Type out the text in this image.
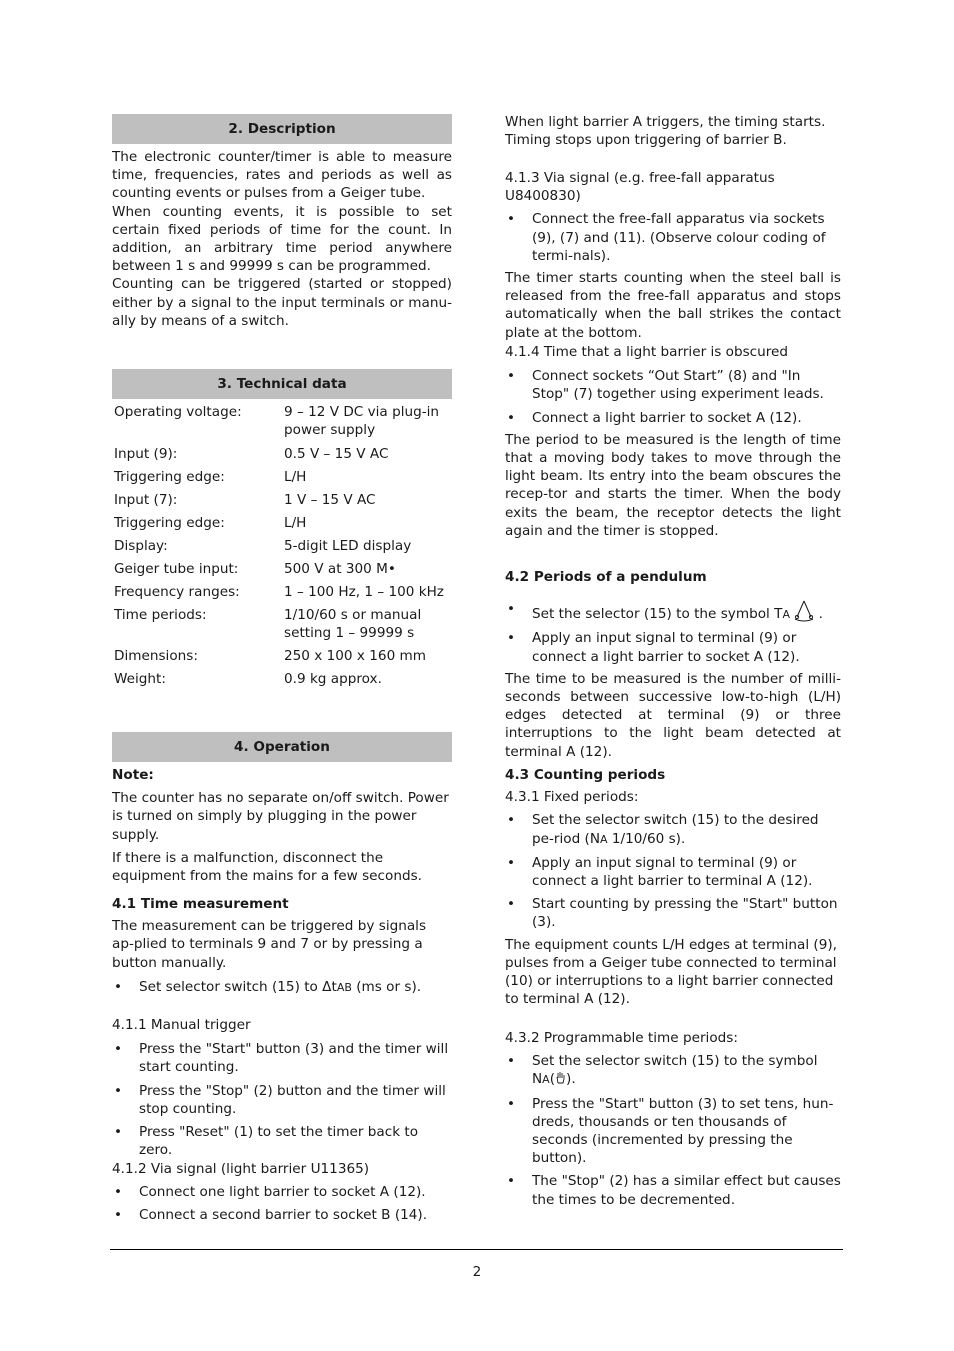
2. Description

The electronic counter/timer is able to measure time, frequencies, rates and periods as well as counting events or pulses from a Geiger tube.

When counting events, it is possible to set certain fixed periods of time for the count. In addition, an arbitrary time period anywhere between 1 s and 99999 s can be programmed.

Counting can be triggered (started or stopped) either by a signal to the input terminals or manu-ally by means of a switch.

3. Technical data
Operating voltage:	9 – 12 V DC via plug-in power supply
Input (9):	0.5 V – 15 V AC
Triggering edge:	L/H
Input (7):	1 V – 15 V AC
Triggering edge:	L/H
Display:	5-digit LED display
Geiger tube input:	500 V at 300 M•
Frequency ranges:	1 – 100 Hz, 1 – 100 kHz
Time periods:	1/10/60 s or manual setting 1 – 99999 s
Dimensions:	250 x 100 x 160 mm
Weight:	0.9 kg approx.
4. Operation

Note:

The counter has no separate on/off switch. Power is turned on simply by plugging in the power supply.

If there is a malfunction, disconnect the equipment from the mains for a few seconds.

4.1 Time measurement

The measurement can be triggered by signals ap-plied to terminals 9 and 7 or by pressing a button manually.

• Set selector switch (15) to ΔtAB (ms or s).

4.1.1 Manual trigger

• Press the "Start" button (3) and the timer will start counting.
• Press the "Stop" (2) button and the timer will stop counting.
• Press "Reset" (1) to set the timer back to zero.

4.1.2 Via signal (light barrier U11365)

• Connect one light barrier to socket A (12).
• Connect a second barrier to socket B (14).

When light barrier A triggers, the timing starts. Timing stops upon triggering of barrier B.

4.1.3 Via signal (e.g. free-fall apparatus U8400830)

• Connect the free-fall apparatus via sockets (9), (7) and (11). (Observe colour coding of termi-nals).

The timer starts counting when the steel ball is released from the free-fall apparatus and stops automatically when the ball strikes the contact plate at the bottom.

4.1.4 Time that a light barrier is obscured

• Connect sockets “Out Start” (8) and "In Stop" (7) together using experiment leads.
• Connect a light barrier to socket A (12).

The period to be measured is the length of time that a moving body takes to move through the light beam. Its entry into the beam obscures the recep-tor and starts the timer. When the body exits the beam, the receptor detects the light again and the timer is stopped.

4.2 Periods of a pendulum

• Set the selector (15) to the symbol TA  .
• Apply an input signal to terminal (9) or connect a light barrier to socket A (12).

The time to be measured is the number of milli-seconds between successive low-to-high (L/H) edges detected at terminal (9) or three interruptions to the light beam detected at terminal A (12).

4.3 Counting periods

4.3.1 Fixed periods:

• Set the selector switch (15) to the desired pe-riod (NA 1/10/60 s).
• Apply an input signal to terminal (9) or connect a light barrier to terminal A (12).
• Start counting by pressing the "Start" button (3).

The equipment counts L/H edges at terminal (9), pulses from a Geiger tube connected to terminal (10) or interruptions to a light barrier connected to terminal A (12).

4.3.2 Programmable time periods:

• Set the selector switch (15) to the symbol NA( ).
• Press the "Start" button (3) to set tens, hun-dreds, thousands or ten thousands of seconds (incremented by pressing the button).
• The "Stop" (2) has a similar effect but causes the times to be decremented.
2
